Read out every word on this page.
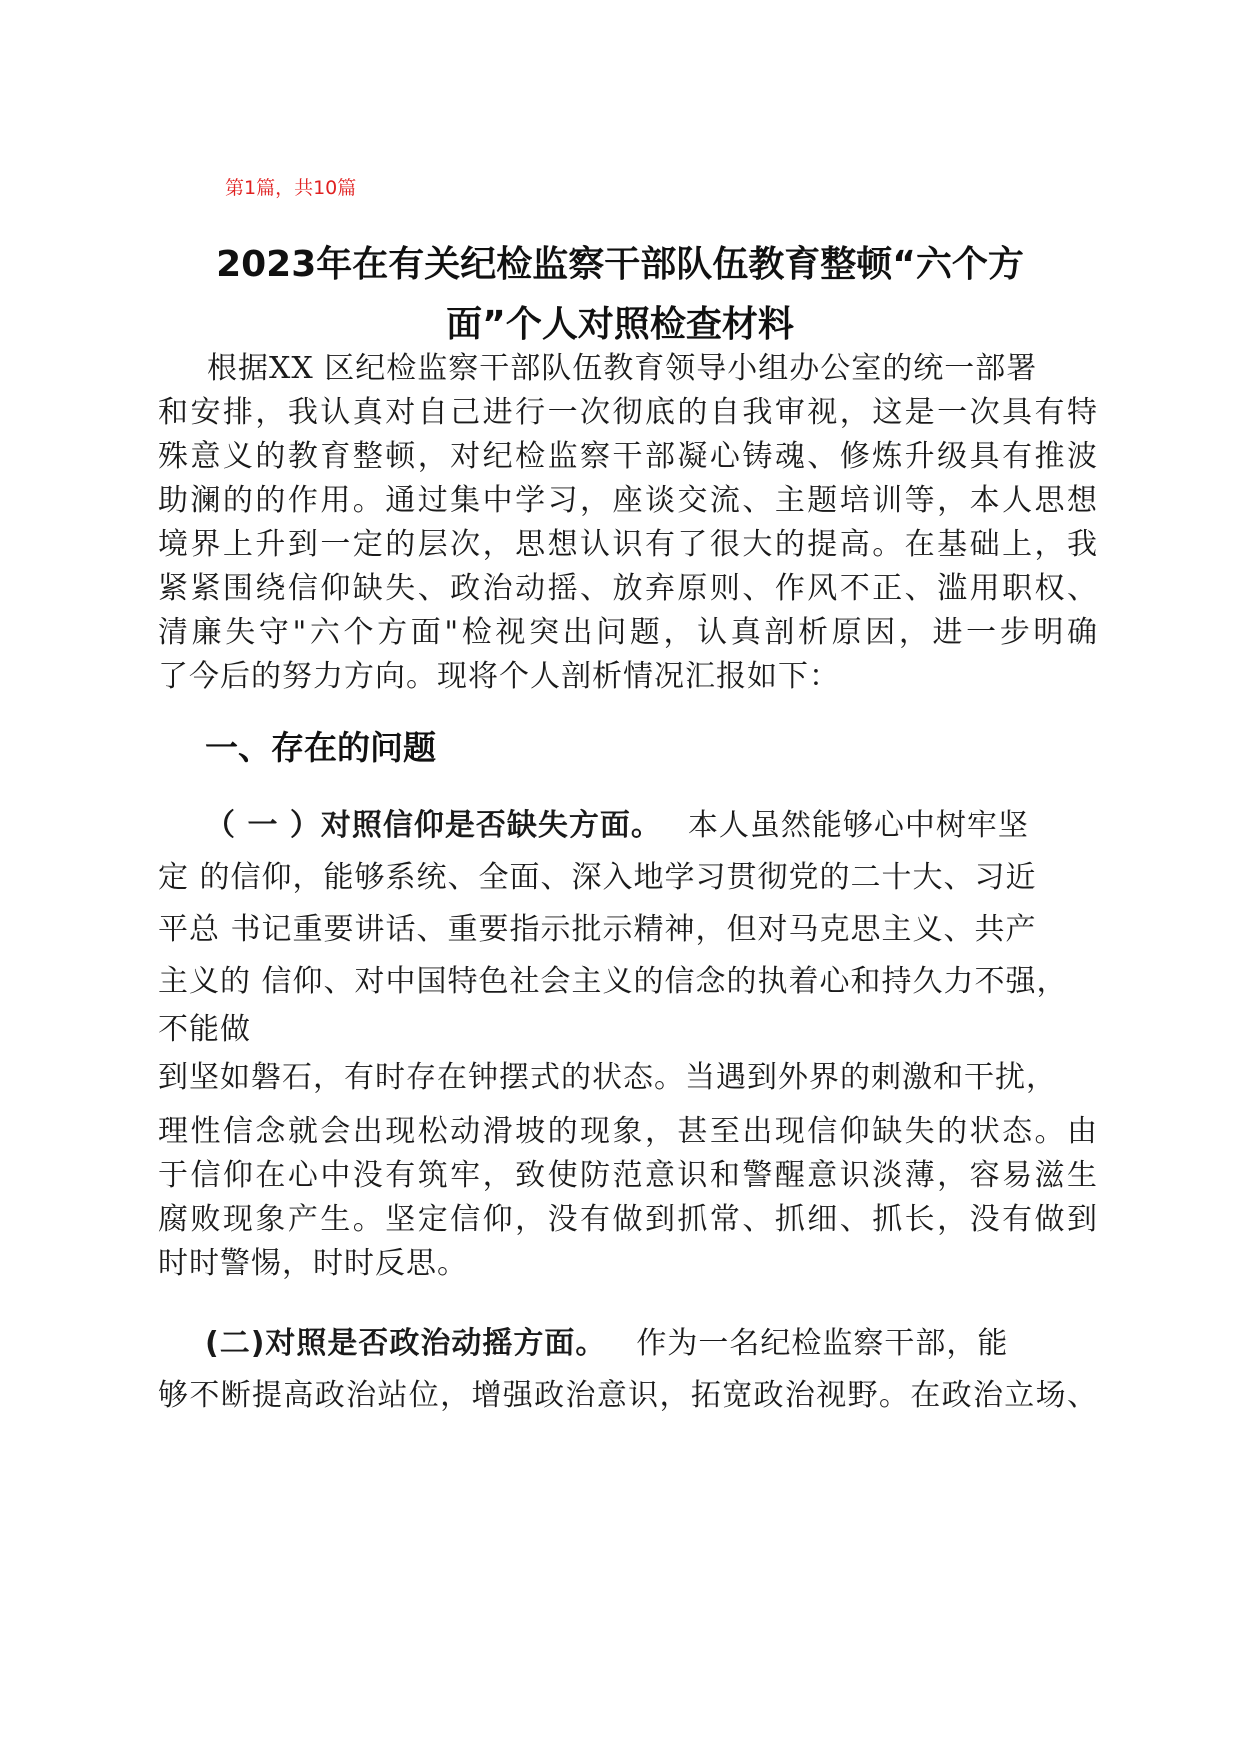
第1篇，共10篇
2023年在有关纪检监察干部队伍教育整顿“六个方
面”个人对照检查材料
根据XX 区纪检监察干部队伍教育领导小组办公室的统一部署
和安排，我认真对自己进行一次彻底的自我审视，这是一次具有特
殊意义的教育整顿，对纪检监察干部凝心铸魂、修炼升级具有推波
助澜的的作用。通过集中学习，座谈交流、主题培训等，本人思想
境界上升到一定的层次，思想认识有了很大的提高。在基础上，我
紧紧围绕信仰缺失、政治动摇、放弃原则、作风不正、滥用职权、
清廉失守"六个方面"检视突出问题，认真剖析原因，进一步明确
了今后的努力方向。现将个人剖析情况汇报如下：
一、存在的问题
（ 一 ）对照信仰是否缺失方面。 本人虽然能够心中树牢坚
定 的信仰，能够系统、全面、深入地学习贯彻党的二十大、习近
平总 书记重要讲话、重要指示批示精神，但对马克思主义、共产
主义的 信仰、对中国特色社会主义的信念的执着心和持久力不强，
不能做
到坚如磐石，有时存在钟摆式的状态。当遇到外界的刺激和干扰，
理性信念就会出现松动滑坡的现象，甚至出现信仰缺失的状态。由
于信仰在心中没有筑牢，致使防范意识和警醒意识淡薄，容易滋生
腐败现象产生。坚定信仰，没有做到抓常、抓细、抓长，没有做到
时时警惕，时时反思。
(二)对照是否政治动摇方面。 作为一名纪检监察干部，能
够不断提高政治站位，增强政治意识，拓宽政治视野。在政治立场、
